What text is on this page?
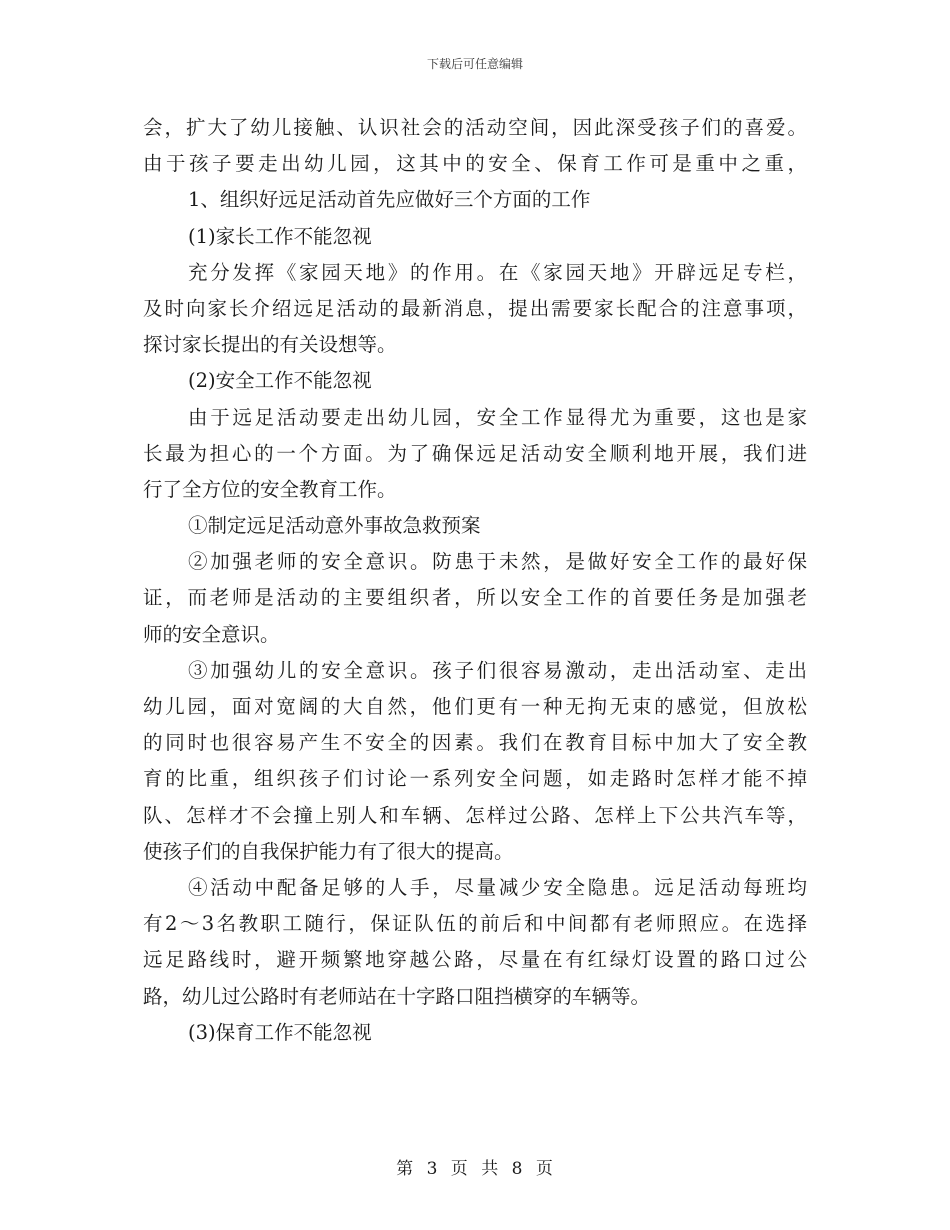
下载后可任意编辑
会，扩大了幼儿接触、认识社会的活动空间，因此深受孩子们的喜爱。
由于孩子要走出幼儿园，这其中的安全、保育工作可是重中之重，
1、组织好远足活动首先应做好三个方面的工作
(1)家长工作不能忽视
充分发挥《家园天地》的作用。在《家园天地》开辟远足专栏，
及时向家长介绍远足活动的最新消息，提出需要家长配合的注意事项，
探讨家长提出的有关设想等。
(2)安全工作不能忽视
由于远足活动要走出幼儿园，安全工作显得尤为重要，这也是家
长最为担心的一个方面。为了确保远足活动安全顺利地开展，我们进
行了全方位的安全教育工作。
①制定远足活动意外事故急救预案
②加强老师的安全意识。防患于未然，是做好安全工作的最好保
证，而老师是活动的主要组织者，所以安全工作的首要任务是加强老
师的安全意识。
③加强幼儿的安全意识。孩子们很容易激动，走出活动室、走出
幼儿园，面对宽阔的大自然，他们更有一种无拘无束的感觉，但放松
的同时也很容易产生不安全的因素。我们在教育目标中加大了安全教
育的比重，组织孩子们讨论一系列安全问题，如走路时怎样才能不掉
队、怎样才不会撞上别人和车辆、怎样过公路、怎样上下公共汽车等，
使孩子们的自我保护能力有了很大的提高。
④活动中配备足够的人手，尽量减少安全隐患。远足活动每班均
有2～3名教职工随行，保证队伍的前后和中间都有老师照应。在选择
远足路线时，避开频繁地穿越公路，尽量在有红绿灯设置的路口过公
路，幼儿过公路时有老师站在十字路口阻挡横穿的车辆等。
(3)保育工作不能忽视
第 3 页 共 8 页
